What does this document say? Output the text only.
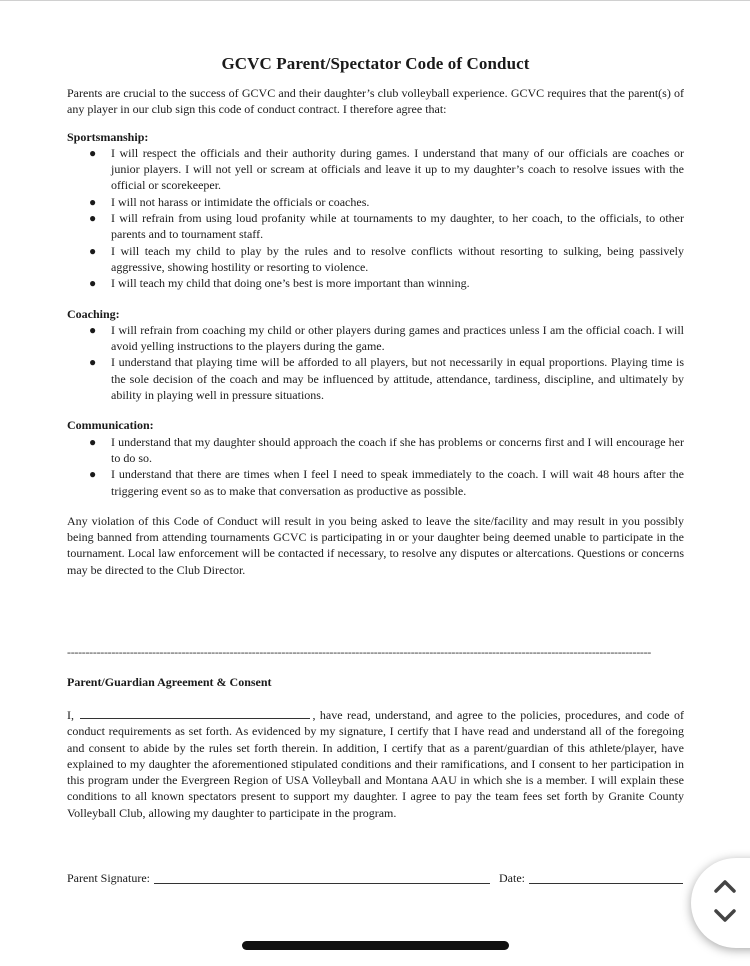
GCVC Parent/Spectator Code of Conduct

Parents are crucial to the success of GCVC and their daughter’s club volleyball experience. GCVC requires that the parent(s) of any player in our club sign this code of conduct contract. I therefore agree that:

Sportsmanship:
● I will respect the officials and their authority during games. I understand that many of our officials are coaches or junior players. I will not yell or scream at officials and leave it up to my daughter’s coach to resolve issues with the official or scorekeeper.
● I will not harass or intimidate the officials or coaches.
● I will refrain from using loud profanity while at tournaments to my daughter, to her coach, to the officials, to other parents and to tournament staff.
● I will teach my child to play by the rules and to resolve conflicts without resorting to sulking, being passively aggressive, showing hostility or resorting to violence.
● I will teach my child that doing one’s best is more important than winning.
Coaching:
● I will refrain from coaching my child or other players during games and practices unless I am the official coach. I will avoid yelling instructions to the players during the game.
● I understand that playing time will be afforded to all players, but not necessarily in equal proportions. Playing time is the sole decision of the coach and may be influenced by attitude, attendance, tardiness, discipline, and ultimately by ability in playing well in pressure situations.
Communication:
● I understand that my daughter should approach the coach if she has problems or concerns first and I will encourage her to do so.
● I understand that there are times when I feel I need to speak immediately to the coach. I will wait 48 hours after the triggering event so as to make that conversation as productive as possible.

Any violation of this Code of Conduct will result in you being asked to leave the site/facility and may result in you possibly being banned from attending tournaments GCVC is participating in or your daughter being deemed unable to participate in the tournament. Local law enforcement will be contacted if necessary, to resolve any disputes or altercations. Questions or concerns may be directed to the Club Director.

--------------------------------------------------------------------------------------------------------------------------------------------------------------
Parent/Guardian Agreement & Consent

I,	, have read, understand, and agree to the policies, procedures, and code of conduct requirements as set forth. As evidenced by my signature, I certify that I have read and understand all of the foregoing and consent to abide by the rules set forth therein. In addition, I certify that as a parent/guardian of this athlete/player, have explained to my daughter the aforementioned stipulated conditions and their ramifications, and I consent to her participation in this program under the Evergreen Region of USA Volleyball and Montana AAU in which she is a member. I will explain these conditions to all known spectators present to support my daughter. I agree to pay the team fees set forth by Granite County Volleyball Club, allowing my daughter to participate in the program.

Parent Signature:	Date:
